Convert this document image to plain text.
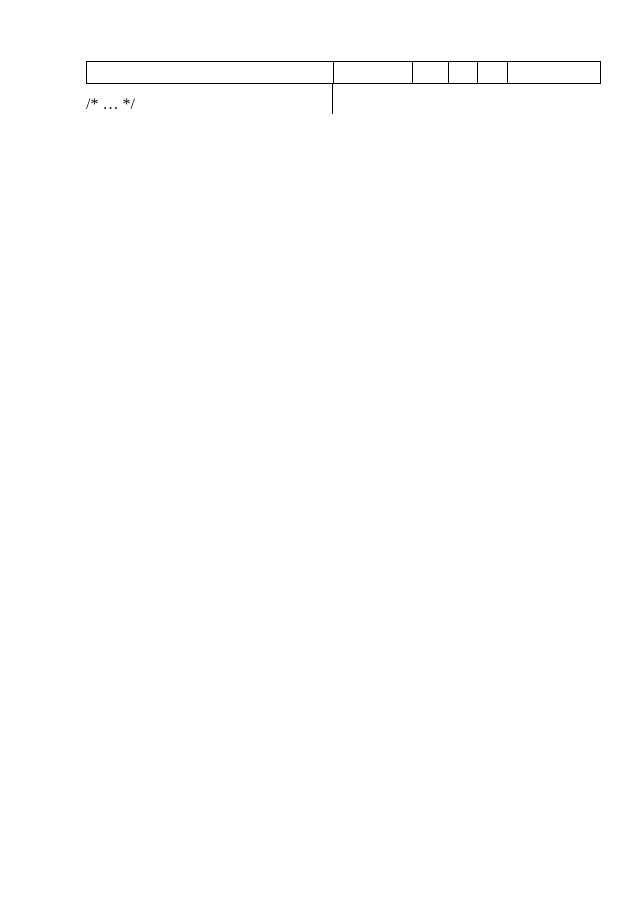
/* … */
